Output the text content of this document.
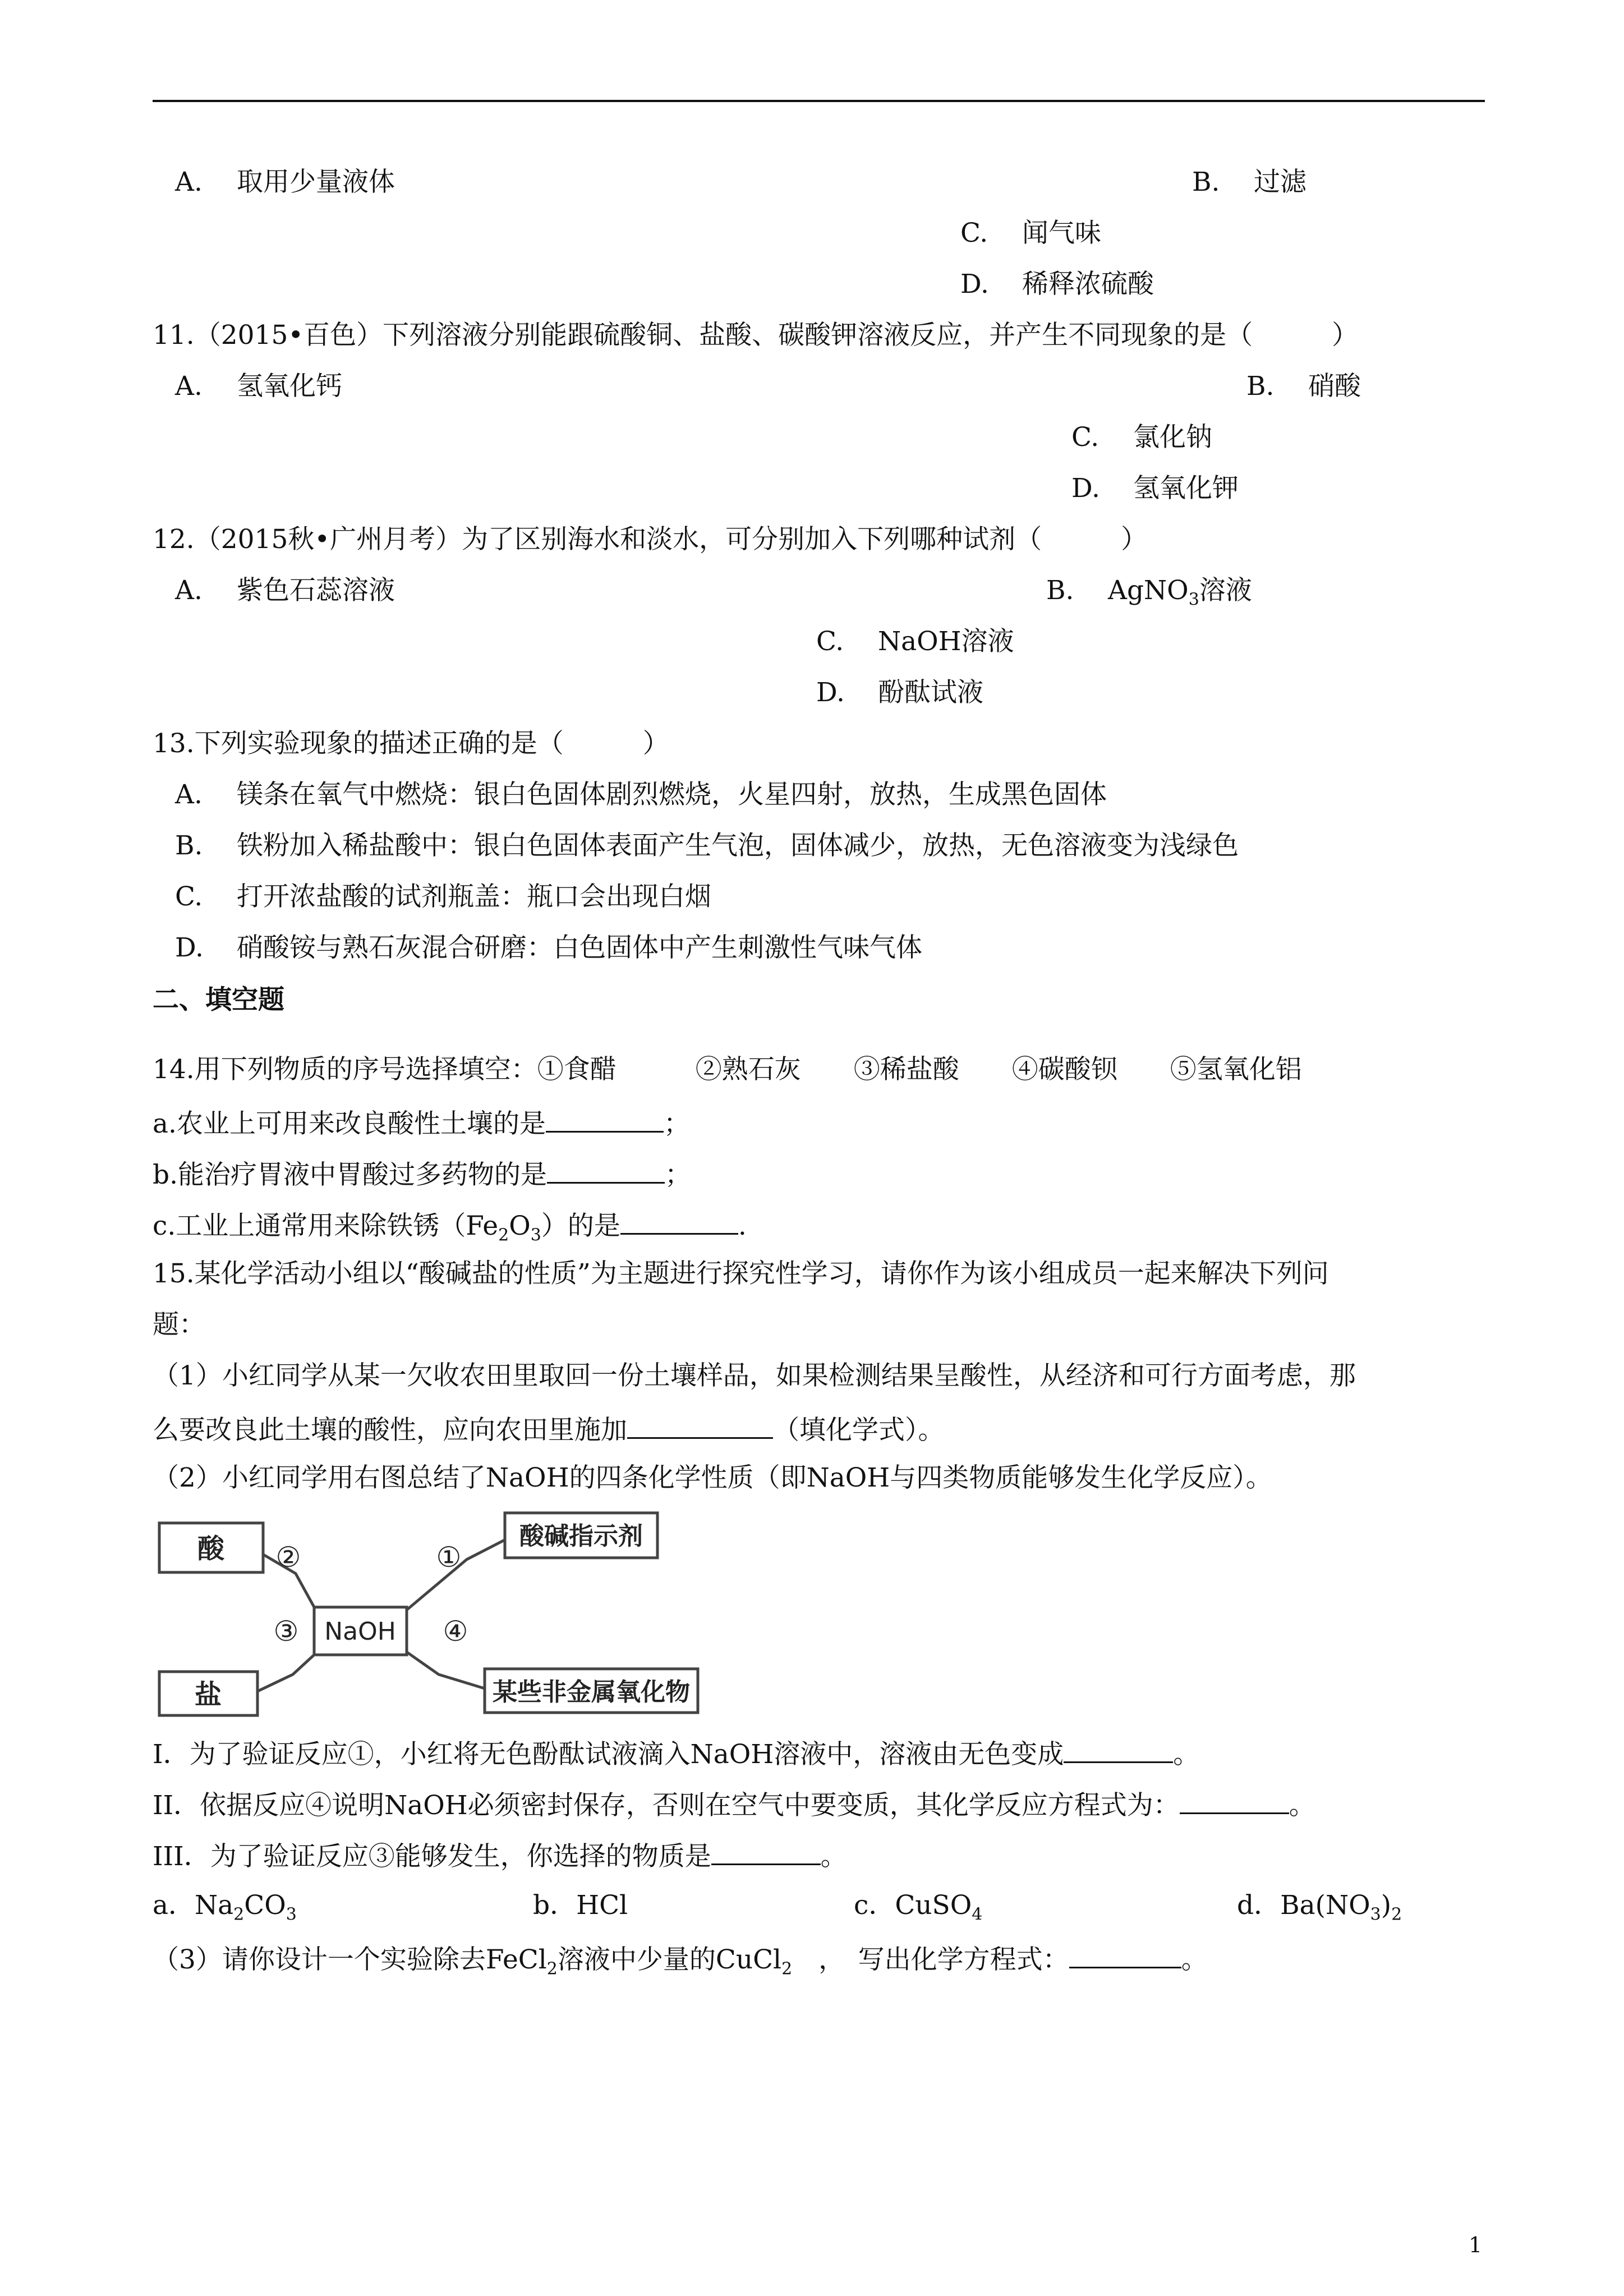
A. 取用少量液体	B. 过滤
C. 闻气味
D. 稀释浓硫酸
11.（2015•百色）下列溶液分别能跟硫酸铜、盐酸、碳酸钾溶液反应，并产生不同现象的是（　　　）
A. 氢氧化钙	B. 硝酸
C. 氯化钠
D. 氢氧化钾
12.（2015秋•广州月考）为了区别海水和淡水，可分别加入下列哪种试剂（　　　）
A. 紫色石蕊溶液	B. AgNO$_3$溶液
C. NaOH溶液
D. 酚酞试液
13.下列实验现象的描述正确的是（　　　）
A. 镁条在氧气中燃烧：银白色固体剧烈燃烧，火星四射，放热，生成黑色固体
B. 铁粉加入稀盐酸中：银白色固体表面产生气泡，固体减少，放热，无色溶液变为浅绿色
C. 打开浓盐酸的试剂瓶盖：瓶口会出现白烟
D. 硝酸铵与熟石灰混合研磨：白色固体中产生刺激性气味气体
二、填空题
14.用下列物质的序号选择填空：①食醋　　　②熟石灰　　③稀盐酸　　④碳酸钡　　⑤氢氧化铝
a.农业上可用来改良酸性土壤的是	；
b.能治疗胃液中胃酸过多药物的是	；
c.工业上通常用来除铁锈$(Fe_2O_3)$的是	.
15.某化学活动小组以“酸碱盐的性质”为主题进行探究性学习，请你作为该小组成员一起来解决下列问
题：
（1）小红同学从某一欠收农田里取回一份土壤样品，如果检测结果呈酸性，从经济和可行方面考虑，那
么要改良此土壤的酸性，应向农田里施加	（填化学式）。
（2）小红同学用右图总结了NaOH的四条化学性质（即NaOH与四类物质能够发生化学反应）。
酸	酸碱指示剂
盐	某些非金属氧化物
NaOH
②	①
③	④
I．为了验证反应①，小红将无色酚酞试液滴入NaOH溶液中，溶液由无色变成	。
II．依据反应④说明NaOH必须密封保存，否则在空气中要变质，其化学反应方程式为：	。
III．为了验证反应③能够发生，你选择的物质是	。
a．$Na_2CO_3$	b．HCl	c．CuSO$_4$	d．$Ba(NO_3)_2$
（3）请你设计一个实验除去FeCl$_2$溶液中少量的CuCl$_2$　，　写出化学方程式：	。
1
